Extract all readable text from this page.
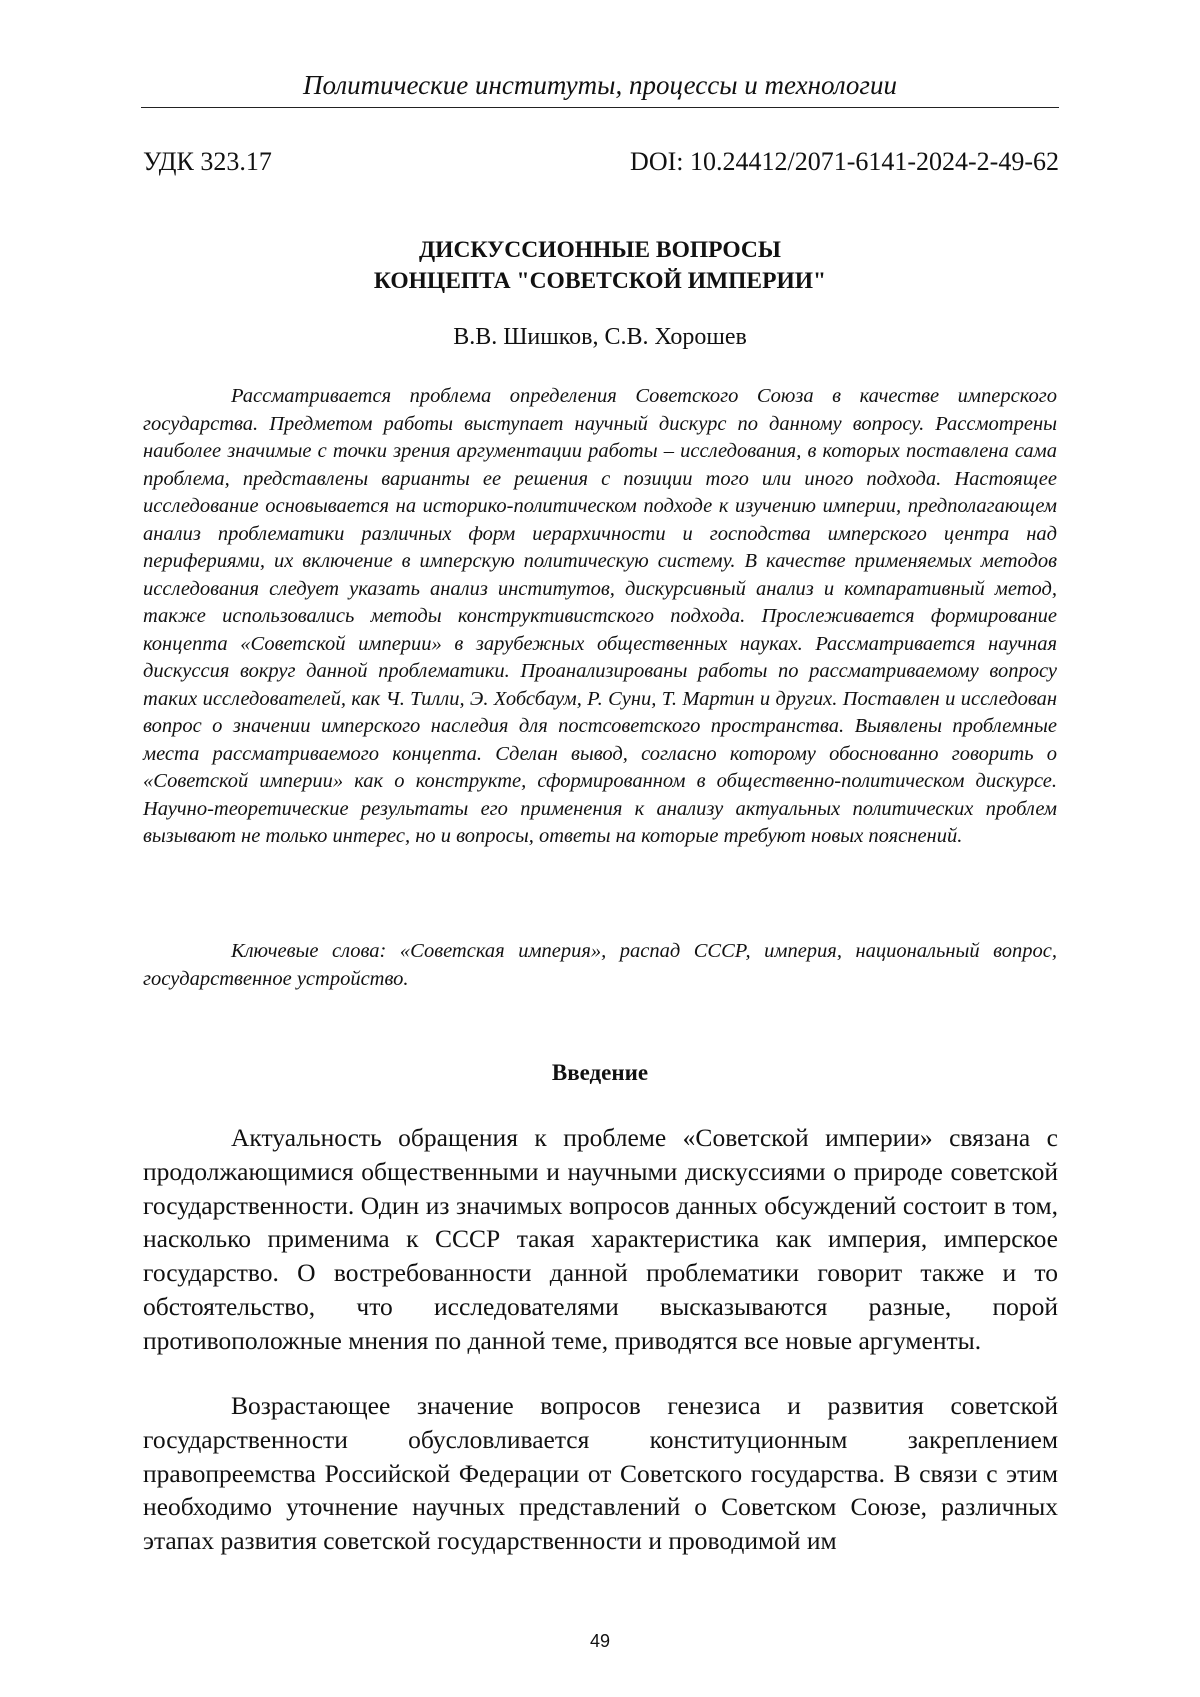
Политические институты, процессы и технологии
УДК 323.17	DOI: 10.24412/2071-6141-2024-2-49-62
ДИСКУССИОННЫЕ ВОПРОСЫ
КОНЦЕПТА "СОВЕТСКОЙ ИМПЕРИИ"
В.В. Шишков, С.В. Хорошев

Рассматривается проблема определения Советского Союза в качестве имперского государства. Предметом работы выступает научный дискурс по данному вопросу. Рассмотрены наиболее значимые с точки зрения аргументации работы – исследования, в которых поставлена сама проблема, представлены варианты ее решения с позиции того или иного подхода. Настоящее исследование основывается на историко-политическом подходе к изучению империи, предполагающем анализ проблематики различных форм иерархичности и господства имперского центра над перифериями, их включение в имперскую политическую систему. В качестве применяемых методов исследования следует указать анализ институтов, дискурсивный анализ и компаративный метод, также использовались методы конструктивистского подхода. Прослеживается формирование концепта «Советской империи» в зарубежных общественных науках. Рассматривается научная дискуссия вокруг данной проблематики. Проанализированы работы по рассматриваемому вопросу таких исследователей, как Ч. Тилли, Э. Хобсбаум, Р. Суни, Т. Мартин и других. Поставлен и исследован вопрос о значении имперского наследия для постсоветского пространства. Выявлены проблемные места рассматриваемого концепта. Сделан вывод, согласно которому обоснованно говорить о «Советской империи» как о конструкте, сформированном в общественно-политическом дискурсе. Научно-теоретические результаты его применения к анализу актуальных политических проблем вызывают не только интерес, но и вопросы, ответы на которые требуют новых пояснений.

Ключевые слова: «Советская империя», распад СССР, империя, национальный вопрос, государственное устройство.

Введение

Актуальность обращения к проблеме «Советской империи» связана с продолжающимися общественными и научными дискуссиями о природе советской государственности. Один из значимых вопросов данных обсуждений состоит в том, насколько применима к СССР такая характеристика как империя, имперское государство. О востребованности данной проблематики говорит также и то обстоятельство, что исследователями высказываются разные, порой противоположные мнения по данной теме, приводятся все новые аргументы.

Возрастающее значение вопросов генезиса и развития советской государственности обусловливается конституционным закреплением правопреемства Российской Федерации от Советского государства. В связи с этим необходимо уточнение научных представлений о Советском Союзе, различных этапах развития советской государственности и проводимой им

49
